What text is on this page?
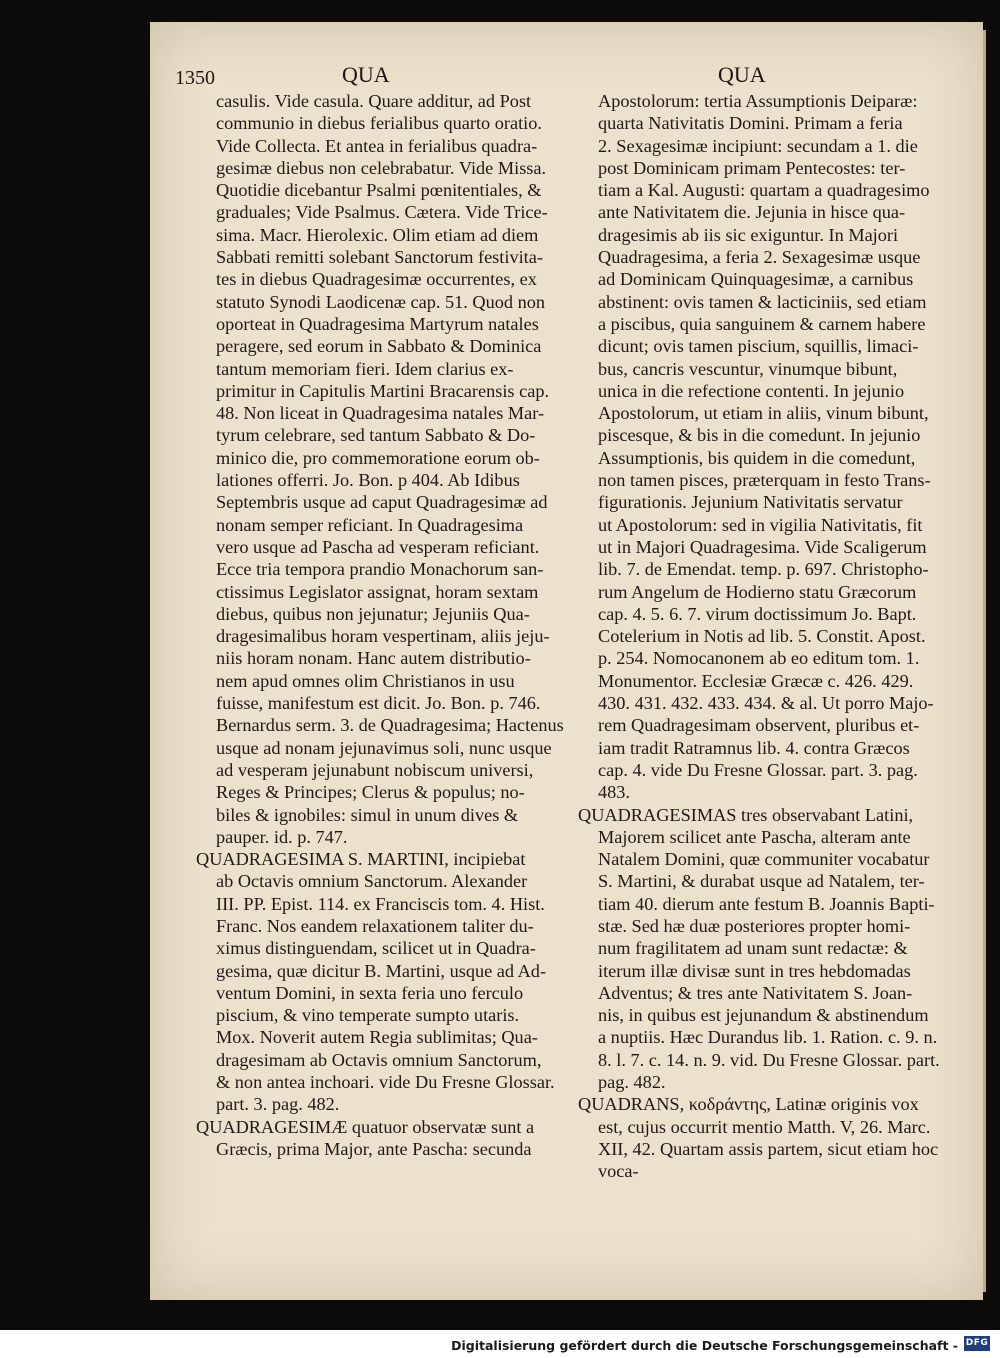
1350	QUA	QUA
casulis. Vide casula. Quare additur, ad Post
communio in diebus ferialibus quarto oratio.
Vide Collecta. Et antea in ferialibus quadra-
gesimæ diebus non celebrabatur. Vide Missa.
Quotidie dicebantur Psalmi pœnitentiales, &
graduales; Vide Psalmus. Cætera. Vide Trice-
sima. Macr. Hierolexic. Olim etiam ad diem
Sabbati remitti solebant Sanctorum festivita-
tes in diebus Quadragesimæ occurrentes, ex
statuto Synodi Laodicenæ cap. 51. Quod non
oporteat in Quadragesima Martyrum natales
peragere, sed eorum in Sabbato & Dominica
tantum memoriam fieri. Idem clarius ex-
primitur in Capitulis Martini Bracarensis cap.
48. Non liceat in Quadragesima natales Mar-
tyrum celebrare, sed tantum Sabbato & Do-
minico die, pro commemoratione eorum ob-
lationes offerri. Jo. Bon. p 404. Ab Idibus
Septembris usque ad caput Quadragesimæ ad
nonam semper reficiant. In Quadragesima
vero usque ad Pascha ad vesperam reficiant.
Ecce tria tempora prandio Monachorum san-
ctissimus Legislator assignat, horam sextam
diebus, quibus non jejunatur; Jejuniis Qua-
dragesimalibus horam vespertinam, aliis jeju-
niis horam nonam. Hanc autem distributio-
nem apud omnes olim Christianos in usu
fuisse, manifestum est dicit. Jo. Bon. p. 746.
Bernardus serm. 3. de Quadragesima; Hactenus
usque ad nonam jejunavimus soli, nunc usque
ad vesperam jejunabunt nobiscum universi,
Reges & Principes; Clerus & populus; no-
biles & ignobiles: simul in unum dives &
pauper. id. p. 747.
QUADRAGESIMA S. MARTINI, incipiebat
ab Octavis omnium Sanctorum. Alexander
III. PP. Epist. 114. ex Franciscis tom. 4. Hist.
Franc. Nos eandem relaxationem taliter du-
ximus distinguendam, scilicet ut in Quadra-
gesima, quæ dicitur B. Martini, usque ad Ad-
ventum Domini, in sexta feria uno ferculo
piscium, & vino temperate sumpto utaris.
Mox. Noverit autem Regia sublimitas; Qua-
dragesimam ab Octavis omnium Sanctorum,
& non antea inchoari. vide Du Fresne Glossar.
part. 3. pag. 482.
QUADRAGESIMÆ quatuor observatæ sunt a
Græcis, prima Major, ante Pascha: secunda
Apostolorum: tertia Assumptionis Deiparæ:
quarta Nativitatis Domini. Primam a feria
2. Sexagesimæ incipiunt: secundam a 1. die
post Dominicam primam Pentecostes: ter-
tiam a Kal. Augusti: quartam a quadragesimo
ante Nativitatem die. Jejunia in hisce qua-
dragesimis ab iis sic exiguntur. In Majori
Quadragesima, a feria 2. Sexagesimæ usque
ad Dominicam Quinquagesimæ, a carnibus
abstinent: ovis tamen & lacticiniis, sed etiam
a piscibus, quia sanguinem & carnem habere
dicunt; ovis tamen piscium, squillis, limaci-
bus, cancris vescuntur, vinumque bibunt,
unica in die refectione contenti. In jejunio
Apostolorum, ut etiam in aliis, vinum bibunt,
piscesque, & bis in die comedunt. In jejunio
Assumptionis, bis quidem in die comedunt,
non tamen pisces, præterquam in festo Trans-
figurationis. Jejunium Nativitatis servatur
ut Apostolorum: sed in vigilia Nativitatis, fit
ut in Majori Quadragesima. Vide Scaligerum
lib. 7. de Emendat. temp. p. 697. Christopho-
rum Angelum de Hodierno statu Græcorum
cap. 4. 5. 6. 7. virum doctissimum Jo. Bapt.
Cotelerium in Notis ad lib. 5. Constit. Apost.
p. 254. Nomocanonem ab eo editum tom. 1.
Monumentor. Ecclesiæ Græcæ c. 426. 429.
430. 431. 432. 433. 434. & al. Ut porro Majo-
rem Quadragesimam observent, pluribus et-
iam tradit Ratramnus lib. 4. contra Græcos
cap. 4. vide Du Fresne Glossar. part. 3. pag.
483.
QUADRAGESIMAS tres observabant Latini,
Majorem scilicet ante Pascha, alteram ante
Natalem Domini, quæ communiter vocabatur
S. Martini, & durabat usque ad Natalem, ter-
tiam 40. dierum ante festum B. Joannis Bapti-
stæ. Sed hæ duæ posteriores propter homi-
num fragilitatem ad unam sunt redactæ: &
iterum illæ divisæ sunt in tres hebdomadas
Adventus; & tres ante Nativitatem S. Joan-
nis, in quibus est jejunandum & abstinendum
a nuptiis. Hæc Durandus lib. 1. Ration. c. 9. n.
8. l. 7. c. 14. n. 9. vid. Du Fresne Glossar. part.
pag. 482.
QUADRANS, κοδράντης, Latinæ originis vox
est, cujus occurrit mentio Matth. V, 26. Marc.
XII, 42. Quartam assis partem, sicut etiam hoc
voca-
Digitalisierung gefördert durch die Deutsche Forschungsgemeinschaft - DFG
